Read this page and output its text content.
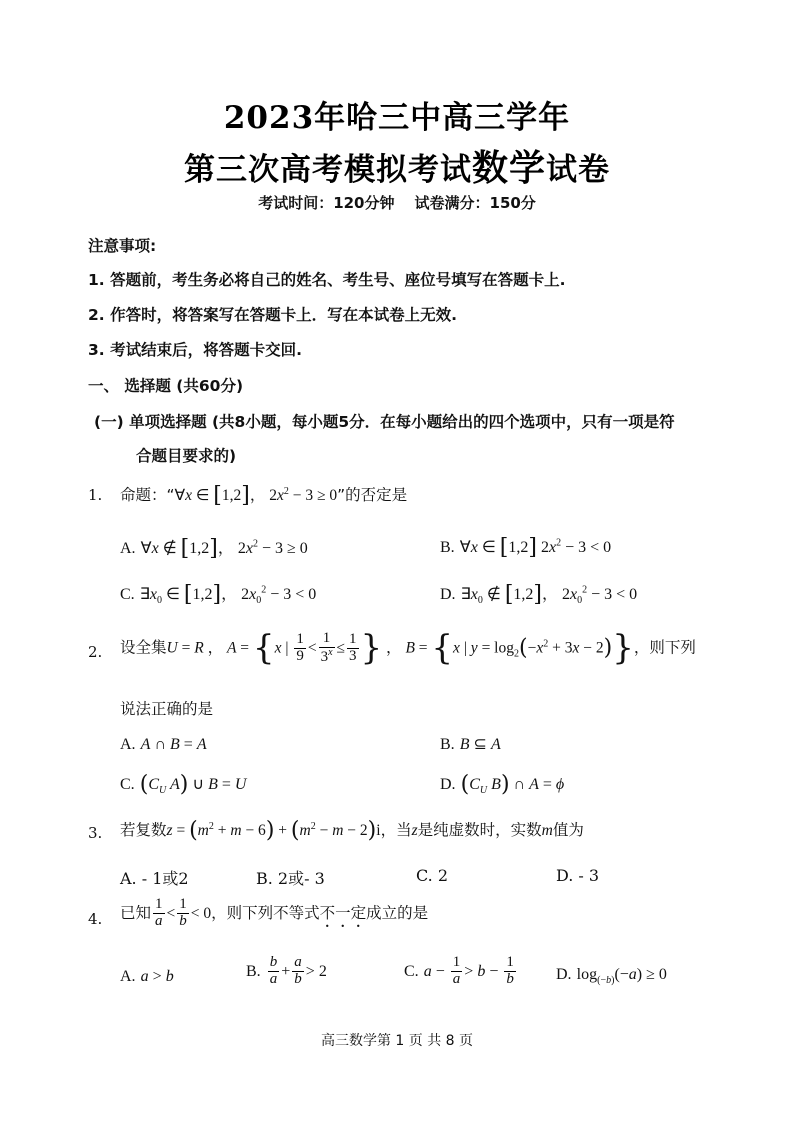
2023年哈三中高三学年
第三次高考模拟考试数学试卷
考试时间：120分钟 试卷满分：150分
注意事项:
1. 答题前，考生务必将自己的姓名、考生号、座位号填写在答题卡上.
2. 作答时，将答案写在答题卡上．写在本试卷上无效.
3. 考试结束后，将答题卡交回.
一、 选择题 (共60分)
(一) 单项选择题 (共8小题，每小题5分．在每小题给出的四个选项中，只有一项是符
合题目要求的)
1. 命题：“∀x ∈ [1,2]， $2x^2 - 3 \ge 0$”的否定是
A. ∀x ∉ [1,2]， $2x^2 - 3 \ge 0$	B. ∀x ∈ [1,2] $2x^2 - 3 < 0$
C. $\exists x_0$ ∈ [1,2]， $2x_0^2 - 3 < 0$	D. $\exists x_0$ ∉ [1,2]， $2x_0^2 - 3 < 0$
2. 设全集U = R ， A = {x | $\frac{1}{9} < \frac{1}{3^x} \le \frac{1}{3}$ } ， B = {x | $y = \log_2(-x^2 + 3x - 2)$}，则下列
说法正确的是
A. A ∩ B = A	B. B ⊆ A
C. ($C_U$ A) ∪ B = U	D. ($C_U$ B) ∩ A = ϕ
3. 若复数$z = (m^2 + m - 6) + (m^2 - m - 2)i$，当z是纯虚数时，实数m值为
A. - 1或2	B. 2或- 3	C. 2	D. - 3
4. 已知 $\frac{1}{a} < \frac{1}{b} < 0$，则下列不等式不一定成立的是
A. a > b	B. $\frac{b}{a} + \frac{a}{b} > 2$	C. $a - \frac{1}{a} > b - \frac{1}{b}$	D. $\log_{(-b)}(-a) \ge 0$
高三数学第 1 页 共 8 页
